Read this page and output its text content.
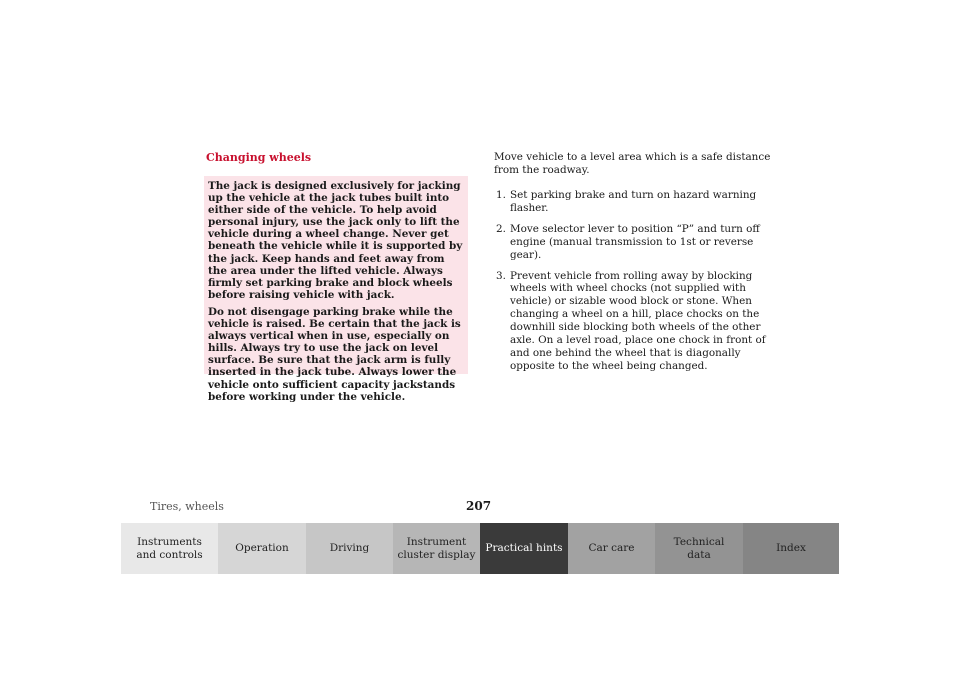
Changing wheels

The jack is designed exclusively for jacking up the vehicle at the jack tubes built into either side of the vehicle. To help avoid personal injury, use the jack only to lift the vehicle during a wheel change. Never get beneath the vehicle while it is supported by the jack. Keep hands and feet away from the area under the lifted vehicle. Always firmly set parking brake and block wheels before raising vehicle with jack.

Do not disengage parking brake while the vehicle is raised. Be certain that the jack is always vertical when in use, especially on hills. Always try to use the jack on level surface. Be sure that the jack arm is fully inserted in the jack tube. Always lower the vehicle onto sufficient capacity jackstands before working under the vehicle.

Move vehicle to a level area which is a safe distance from the roadway.

1. Set parking brake and turn on hazard warning flasher.
2. Move selector lever to position “P” and turn off engine (manual transmission to 1st or reverse gear).
3. Prevent vehicle from rolling away by blocking wheels with wheel chocks (not supplied with vehicle) or sizable wood block or stone. When changing a wheel on a hill, place chocks on the downhill side blocking both wheels of the other axle. On a level road, place one chock in front of and one behind the wheel that is diagonally opposite to the wheel being changed.
Tires, wheels	207
Instruments
and controls
Operation	Driving
Instrument
cluster display
Practical hints	Car care
Technical
data
Index
